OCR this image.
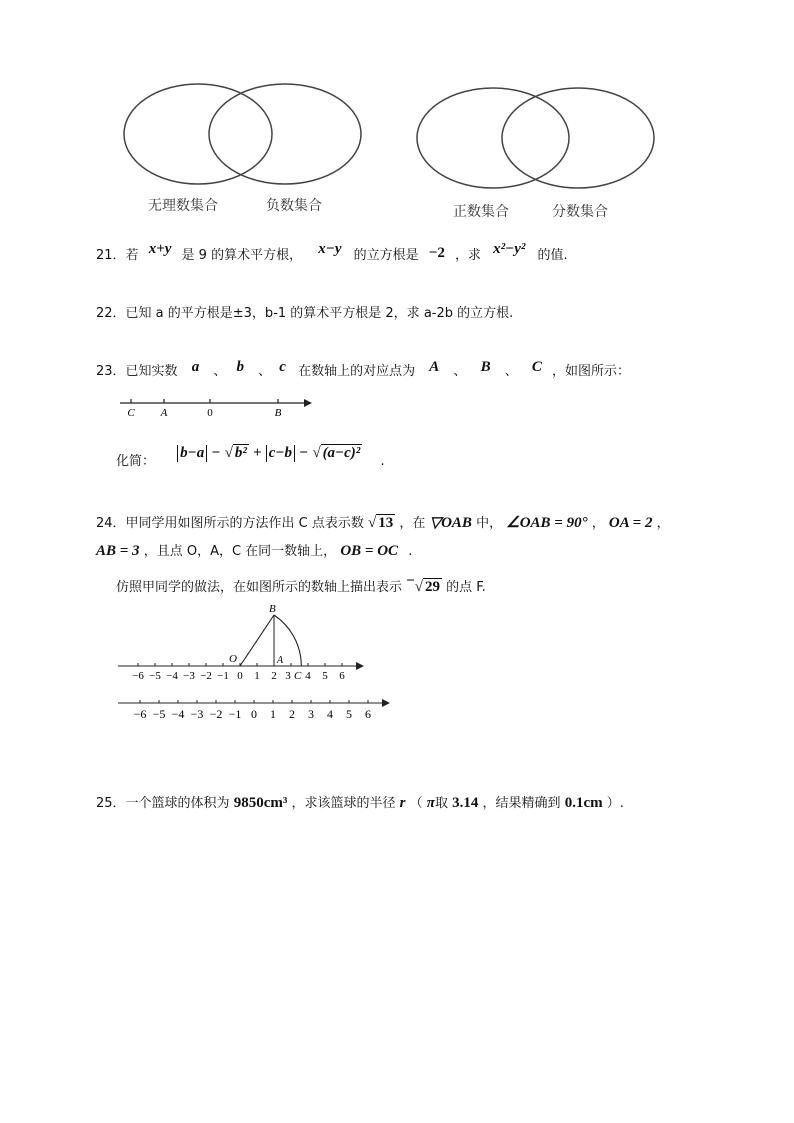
无理数集合	负数集合	正数集合	分数集合
21．若 x+y 是 9 的算术平方根， x−y 的立方根是 −2 ，求 x²−y² 的值.
22．已知 a 的平方根是±3，b-1 的算术平方根是 2，求 a-2b 的立方根.
23．已知实数 a 、 b 、 c 在数轴上的对应点为 A 、 B 、 C ，如图所示：
C A	0	B
化简： b−a − √ b² + c−b − √ (a−c)² .
24．甲同学用如图所示的方法作出 C 点表示数 √ 13 ，在 ▽OAB 中， ∠OAB = 90° ， OA = 2 ，
AB = 3 ，且点 O，A，C 在同一数轴上， OB = OC .
仿照甲同学的做法，在如图所示的数轴上描出表示 −√ 29 的点 F.
O	A
B
C
−6 −5 −4 −3 −2 −1 0 1 2 3 4 5 6
−6 −5 −4 −3 −2 −1 0 1 2 3 4 5 6
25．一个篮球的体积为 9850cm³ ，求该篮球的半径 r （ π取 3.14 ，结果精确到 0.1cm ）.
